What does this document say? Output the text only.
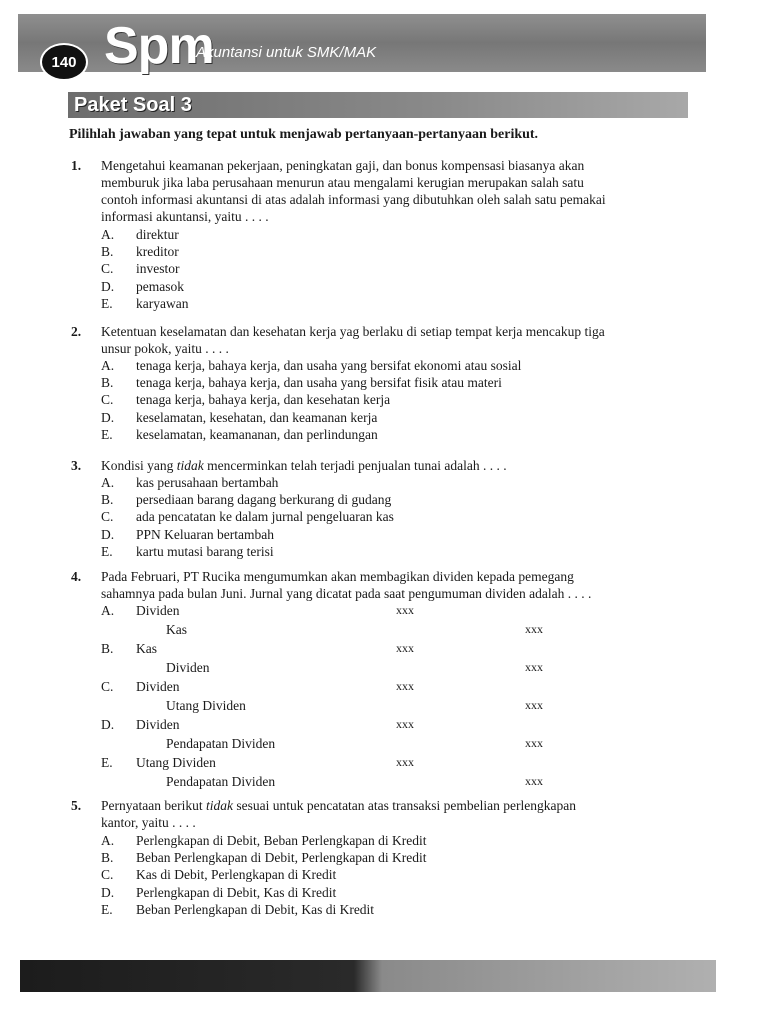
140 Spm
Akuntansi untuk SMK/MAK
Paket Soal 3
Pilihlah jawaban yang tepat untuk menjawab pertanyaan-pertanyaan berikut.
1. Mengetahui keamanan pekerjaan, peningkatan gaji, dan bonus kompensasi biasanya akan
memburuk jika laba perusahaan menurun atau mengalami kerugian merupakan salah satu
contoh informasi akuntansi di atas adalah informasi yang dibutuhkan oleh salah satu pemakai
informasi akuntansi, yaitu . . . .
A.	direktur
B.	kreditor
C.	investor
D.	pemasok
E.	karyawan
2. Ketentuan keselamatan dan kesehatan kerja yag berlaku di setiap tempat kerja mencakup tiga
unsur pokok, yaitu . . . .
A.	tenaga kerja, bahaya kerja, dan usaha yang bersifat ekonomi atau sosial
B.	tenaga kerja, bahaya kerja, dan usaha yang bersifat fisik atau materi
C.	tenaga kerja, bahaya kerja, dan kesehatan kerja
D.	keselamatan, kesehatan, dan keamanan kerja
E.	keselamatan, keamananan, dan perlindungan
3. Kondisi yang tidak mencerminkan telah terjadi penjualan tunai adalah . . . .
A.	kas perusahaan bertambah
B.	persediaan barang dagang berkurang di gudang
C.	ada pencatatan ke dalam jurnal pengeluaran kas
D.	PPN Keluaran bertambah
E.	kartu mutasi barang terisi
4. Pada Februari, PT Rucika mengumumkan akan membagikan dividen kepada pemegang
sahamnya pada bulan Juni. Jurnal yang dicatat pada saat pengumuman dividen adalah . . . .
A. Dividen	xxx
Kas	xxx
B. Kas	xxx
Dividen	xxx
C. Dividen	xxx
Utang Dividen	xxx
D. Dividen	xxx
Pendapatan Dividen	xxx
E. Utang Dividen	xxx
Pendapatan Dividen	xxx
5. Pernyataan berikut tidak sesuai untuk pencatatan atas transaksi pembelian perlengkapan
kantor, yaitu . . . .
A.	Perlengkapan di Debit, Beban Perlengkapan di Kredit
B.	Beban Perlengkapan di Debit, Perlengkapan di Kredit
C.	Kas di Debit, Perlengkapan di Kredit
D.	Perlengkapan di Debit, Kas di Kredit
E.	Beban Perlengkapan di Debit, Kas di Kredit
